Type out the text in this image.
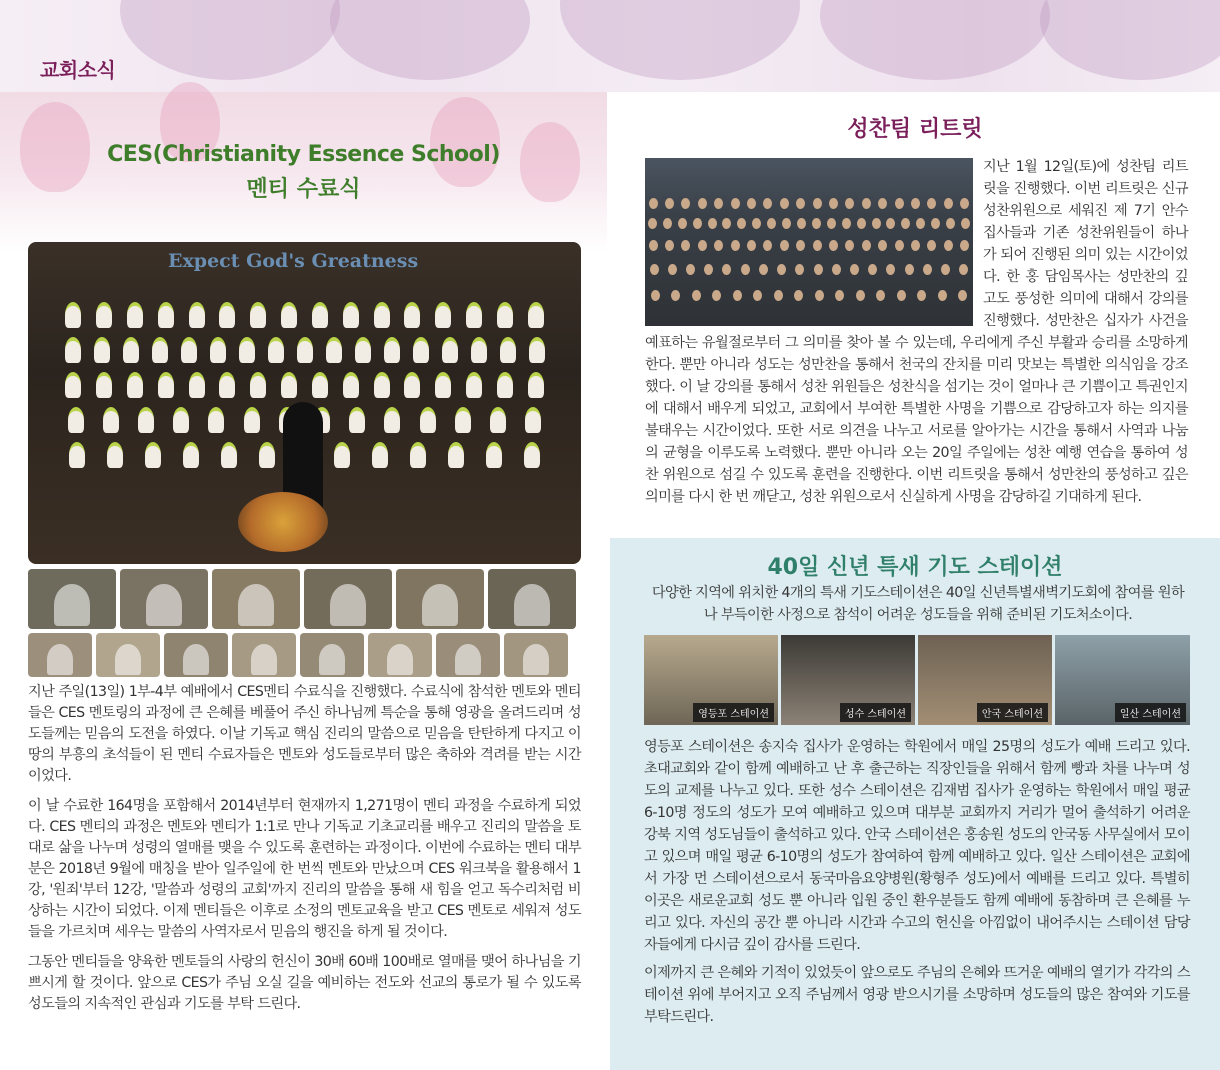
교회소식
CES(Christianity Essence School)
멘티 수료식
Expect God's Greatness

지난 주일(13일) 1부-4부 예배에서 CES멘티 수료식을 진행했다. 수료식에 참석한 멘토와 멘티들은 CES 멘토링의 과정에 큰 은혜를 베풀어 주신 하나님께 특순을 통해 영광을 올려드리며 성도들께는 믿음의 도전을 하였다. 이날 기독교 핵심 진리의 말씀으로 믿음을 탄탄하게 다지고 이 땅의 부흥의 초석들이 된 멘티 수료자들은 멘토와 성도들로부터 많은 축하와 격려를 받는 시간이었다.

이 날 수료한 164명을 포함해서 2014년부터 현재까지 1,271명이 멘티 과정을 수료하게 되었다. CES 멘티의 과정은 멘토와 멘티가 1:1로 만나 기독교 기초교리를 배우고 진리의 말씀을 토대로 삶을 나누며 성령의 열매를 맺을 수 있도록 훈련하는 과정이다. 이번에 수료하는 멘티 대부분은 2018년 9월에 매칭을 받아 일주일에 한 번씩 멘토와 만났으며 CES 워크북을 활용해서 1강, '원죄'부터 12강, '말씀과 성령의 교회'까지 진리의 말씀을 통해 새 힘을 얻고 독수리처럼 비상하는 시간이 되었다. 이제 멘티들은 이후로 소정의 멘토교육을 받고 CES 멘토로 세워져 성도들을 가르치며 세우는 말씀의 사역자로서 믿음의 행진을 하게 될 것이다.

그동안 멘티들을 양육한 멘토들의 사랑의 헌신이 30배 60배 100배로 열매를 맺어 하나님을 기쁘시게 할 것이다. 앞으로 CES가 주님 오실 길을 예비하는 전도와 선교의 통로가 될 수 있도록 성도들의 지속적인 관심과 기도를 부탁 드린다.

성찬팀 리트릿
지난 1월 12일(토)에 성찬팀 리트릿을 진행했다. 이번 리트릿은 신규 성찬위원으로 세워진 제 7기 안수집사들과 기존 성찬위원들이 하나가 되어 진행된 의미 있는 시간이었다. 한 홍 담임목사는 성만찬의 깊고도 풍성한 의미에 대해서 강의를 진행했다. 성만찬은 십자가 사건을 예표하는 유월절로부터 그 의미를 찾아 볼 수 있는데, 우리에게 주신 부활과 승리를 소망하게 한다. 뿐만 아니라 성도는 성만찬을 통해서 천국의 잔치를 미리 맛보는 특별한 의식임을 강조했다. 이 날 강의를 통해서 성찬 위원들은 성찬식을 섬기는 것이 얼마나 큰 기쁨이고 특권인지에 대해서 배우게 되었고, 교회에서 부여한 특별한 사명을 기쁨으로 감당하고자 하는 의지를 불태우는 시간이었다. 또한 서로 의견을 나누고 서로를 알아가는 시간을 통해서 사역과 나눔의 균형을 이루도록 노력했다. 뿐만 아니라 오는 20일 주일에는 성찬 예행 연습을 통하여 성찬 위원으로 섬길 수 있도록 훈련을 진행한다. 이번 리트릿을 통해서 성만찬의 풍성하고 깊은 의미를 다시 한 번 깨닫고, 성찬 위원으로서 신실하게 사명을 감당하길 기대하게 된다.
40일 신년 특새 기도 스테이션
다양한 지역에 위치한 4개의 특새 기도스테이션은 40일 신년특별새벽기도회에 참여를 원하나 부득이한 사정으로 참석이 어려운 성도들을 위해 준비된 기도처소이다.
영등포 스테이션	성수 스테이션	안국 스테이션	일산 스테이션

영등포 스테이션은 송지숙 집사가 운영하는 학원에서 매일 25명의 성도가 예배 드리고 있다. 초대교회와 같이 함께 예배하고 난 후 출근하는 직장인들을 위해서 함께 빵과 차를 나누며 성도의 교제를 나누고 있다. 또한 성수 스테이션은 김재범 집사가 운영하는 학원에서 매일 평균 6-10명 정도의 성도가 모여 예배하고 있으며 대부분 교회까지 거리가 멀어 출석하기 어려운 강북 지역 성도님들이 출석하고 있다. 안국 스테이션은 홍송원 성도의 안국동 사무실에서 모이고 있으며 매일 평균 6-10명의 성도가 참여하여 함께 예배하고 있다. 일산 스테이션은 교회에서 가장 먼 스테이션으로서 동국마음요양병원(황형주 성도)에서 예배를 드리고 있다. 특별히 이곳은 새로운교회 성도 뿐 아니라 입원 중인 환우분들도 함께 예배에 동참하며 큰 은혜를 누리고 있다. 자신의 공간 뿐 아니라 시간과 수고의 헌신을 아낌없이 내어주시는 스테이션 담당자들에게 다시금 깊이 감사를 드린다.

이제까지 큰 은혜와 기적이 있었듯이 앞으로도 주님의 은혜와 뜨거운 예배의 열기가 각각의 스테이션 위에 부어지고 오직 주님께서 영광 받으시기를 소망하며 성도들의 많은 참여와 기도를 부탁드린다.
